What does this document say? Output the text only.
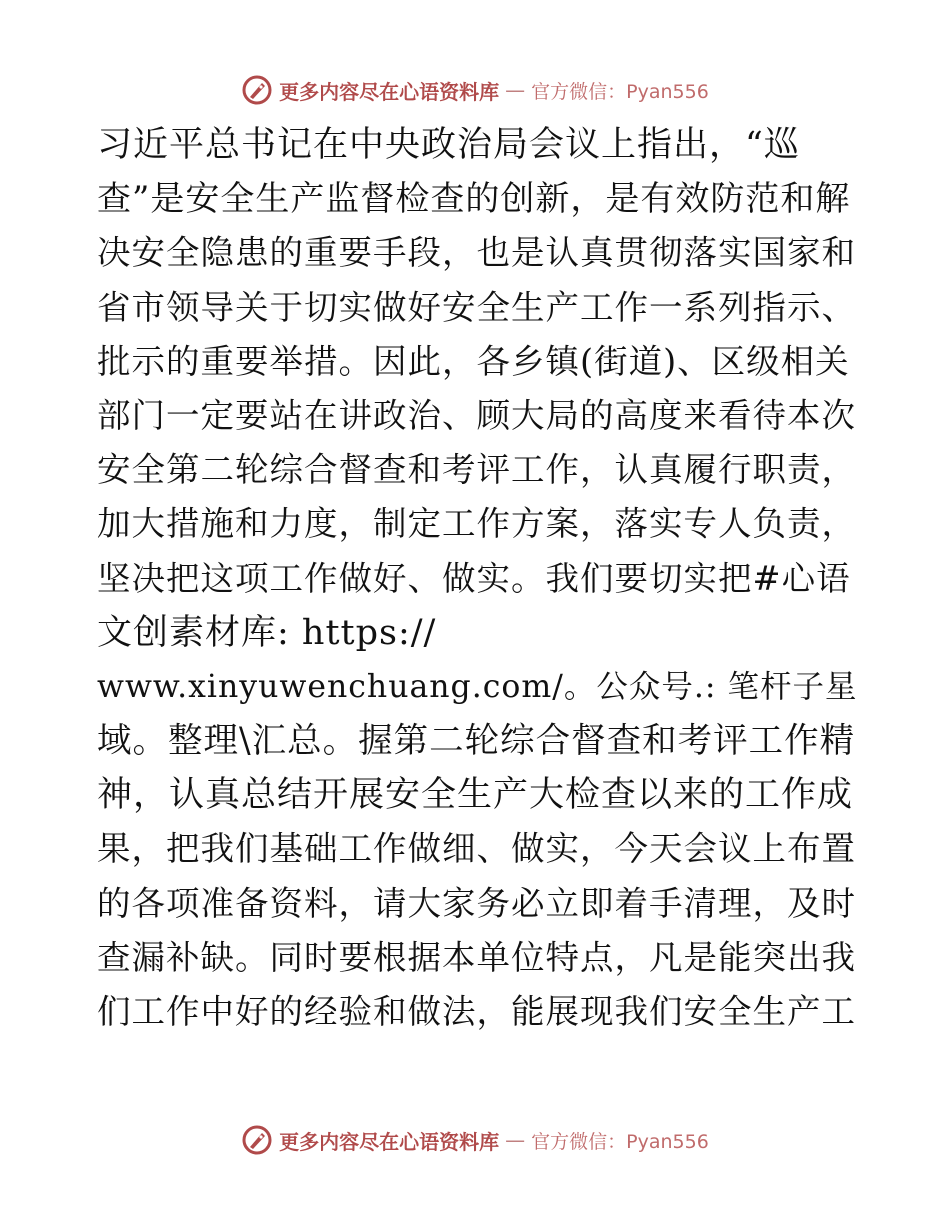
更多内容尽在心语资料库 — 官方微信：Pyan556
习近平总书记在中央政治局会议上指出，“巡
查”是安全生产监督检查的创新，是有效防范和解
决安全隐患的重要手段，也是认真贯彻落实国家和
省市领导关于切实做好安全生产工作一系列指示、
批示的重要举措。因此，各乡镇(街道)、区级相关
部门一定要站在讲政治、顾大局的高度来看待本次
安全第二轮综合督查和考评工作，认真履行职责，
加大措施和力度，制定工作方案，落实专人负责，
坚决把这项工作做好、做实。我们要切实把#心语
文创素材库: https://
www.xinyuwenchuang.com/。公众号.: 笔杆子星
域。整理\汇总。握第二轮综合督查和考评工作精
神，认真总结开展安全生产大检查以来的工作成
果，把我们基础工作做细、做实，今天会议上布置
的各项准备资料，请大家务必立即着手清理，及时
查漏补缺。同时要根据本单位特点，凡是能突出我
们工作中好的经验和做法，能展现我们安全生产工
更多内容尽在心语资料库 — 官方微信：Pyan556
